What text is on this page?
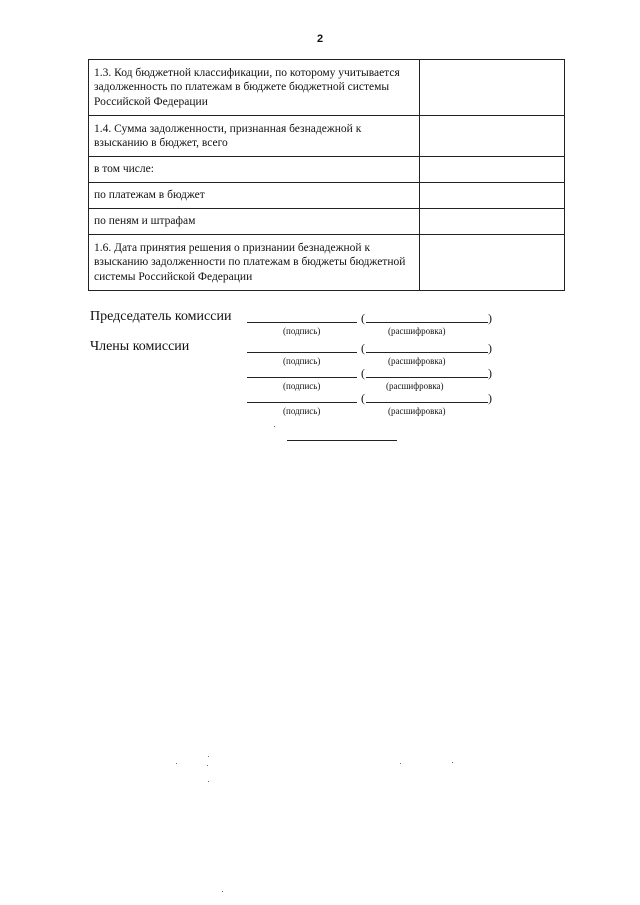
2
1.3. Код бюджетной классификации, по которому учитывается задолженность по платежам в бюджете бюджетной системы Российской Федерации	
1.4. Сумма задолженности, признанная безнадежной к взысканию в бюджет, всего	
в том числе:	
по платежам в бюджет	
по пеням и штрафам	
1.6. Дата принятия решения о признании безнадежной к взысканию задолженности по платежам в бюджеты бюджетной системы Российской Федерации	
Председатель комиссии	(	)
(подпись)	(расшифровка)
Члены комиссии	(	)
(подпись)	(расшифровка)
(	)
(подпись)	(расшифровка)
(	)
(подпись)	(расшифровка)
